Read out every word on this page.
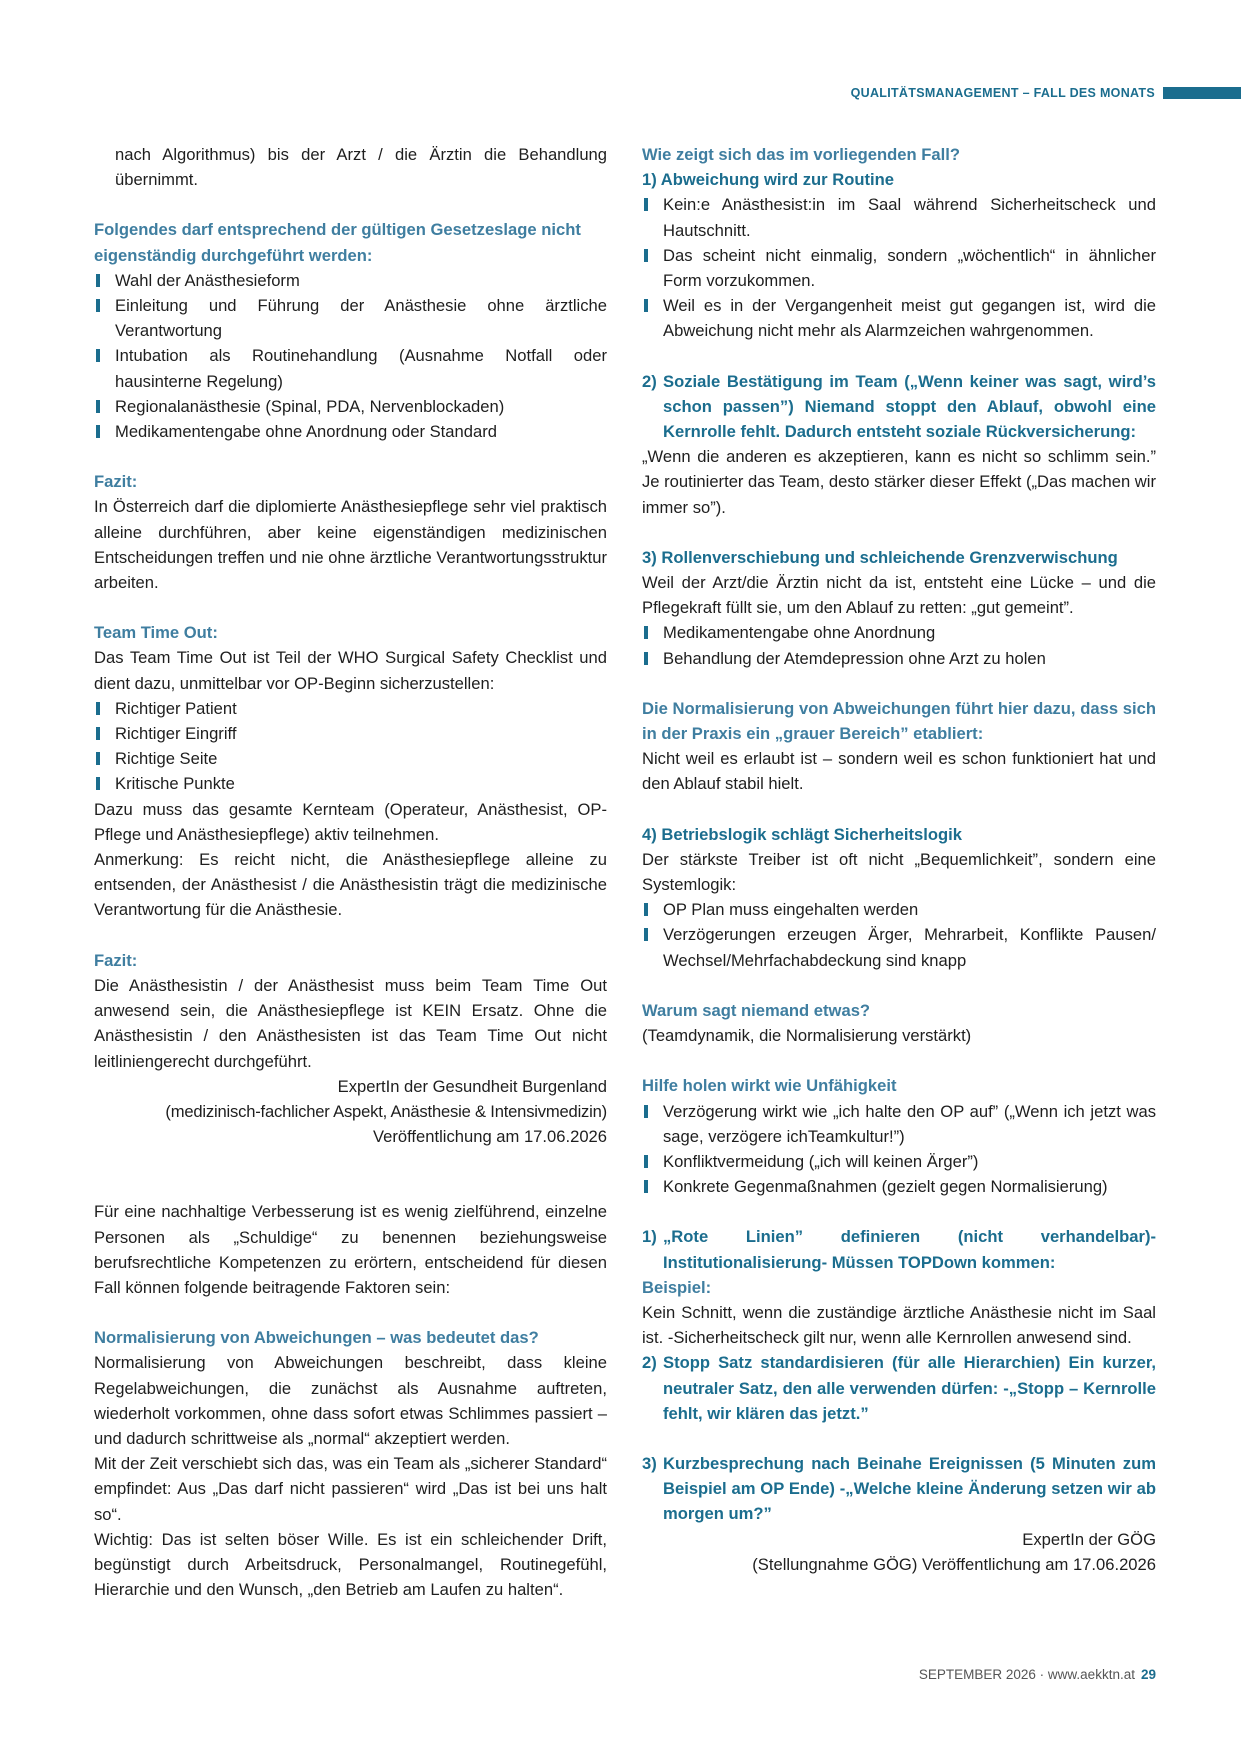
QUALITÄTSMANAGEMENT – FALL DES MONATS

nach Algorithmus) bis der Arzt / die Ärztin die Behandlung übernimmt.

Folgendes darf entsprechend der gültigen Gesetzeslage nicht eigenständig durchgeführt werden:

Wahl der Anästhesieform
Einleitung und Führung der Anästhesie ohne ärztliche Verantwortung
Intubation als Routinehandlung (Ausnahme Notfall oder hausinterne Regelung)
Regionalanästhesie (Spinal, PDA, Nervenblockaden)
Medikamentengabe ohne Anordnung oder Standard

Fazit:

In Österreich darf die diplomierte Anästhesiepflege sehr viel praktisch alleine durchführen, aber keine eigenständigen medizinischen Entscheidungen treffen und nie ohne ärztliche Verantwortungsstruktur arbeiten.

Team Time Out:

Das Team Time Out ist Teil der WHO Surgical Safety Checklist und dient dazu, unmittelbar vor OP-Beginn sicherzustellen:

Richtiger Patient
Richtiger Eingriff
Richtige Seite
Kritische Punkte

Dazu muss das gesamte Kernteam (Operateur, Anästhesist, OP-Pflege und Anästhesiepflege) aktiv teilnehmen.

Anmerkung: Es reicht nicht, die Anästhesiepflege alleine zu entsenden, der Anästhesist / die Anästhesistin trägt die medizinische Verantwortung für die Anästhesie.

Fazit:

Die Anästhesistin / der Anästhesist muss beim Team Time Out anwesend sein, die Anästhesiepflege ist KEIN Ersatz. Ohne die Anästhesistin / den Anästhesisten ist das Team Time Out nicht leitliniengerecht durchgeführt.

ExpertIn der Gesundheit Burgenland

(medizinisch-fachlicher Aspekt, Anästhesie & Intensivmedizin)

Veröffentlichung am 17.06.2026

Für eine nachhaltige Verbesserung ist es wenig zielführend, einzelne Personen als „Schuldige“ zu benennen beziehungsweise berufsrechtliche Kompetenzen zu erörtern, entscheidend für diesen Fall können folgende beitragende Faktoren sein:

Normalisierung von Abweichungen – was bedeutet das?

Normalisierung von Abweichungen beschreibt, dass kleine Regelabweichungen, die zunächst als Ausnahme auftreten, wiederholt vorkommen, ohne dass sofort etwas Schlimmes passiert – und dadurch schrittweise als „normal“ akzeptiert werden.

Mit der Zeit verschiebt sich das, was ein Team als „sicherer Standard“ empfindet: Aus „Das darf nicht passieren“ wird „Das ist bei uns halt so“.

Wichtig: Das ist selten böser Wille. Es ist ein schleichender Drift, begünstigt durch Arbeitsdruck, Personalmangel, Routinegefühl, Hierarchie und den Wunsch, „den Betrieb am Laufen zu halten“.

Wie zeigt sich das im vorliegenden Fall?

1) Abweichung wird zur Routine

Kein:e Anästhesist:in im Saal während Sicherheitscheck und Hautschnitt.
Das scheint nicht einmalig, sondern „wöchentlich“ in ähnlicher Form vorzukommen.
Weil es in der Vergangenheit meist gut gegangen ist, wird die Abweichung nicht mehr als Alarmzeichen wahrgenommen.
2) Soziale Bestätigung im Team („Wenn keiner was sagt, wird’s schon passen”) Niemand stoppt den Ablauf, obwohl eine Kernrolle fehlt. Dadurch entsteht soziale Rückversicherung:

„Wenn die anderen es akzeptieren, kann es nicht so schlimm sein.” Je routinierter das Team, desto stärker dieser Effekt („Das machen wir immer so”).

3) Rollenverschiebung und schleichende Grenzverwischung

Weil der Arzt/die Ärztin nicht da ist, entsteht eine Lücke – und die Pflegekraft füllt sie, um den Ablauf zu retten: „gut gemeint”.

Medikamentengabe ohne Anordnung
Behandlung der Atemdepression ohne Arzt zu holen

Die Normalisierung von Abweichungen führt hier dazu, dass sich in der Praxis ein „grauer Bereich” etabliert:

Nicht weil es erlaubt ist – sondern weil es schon funktioniert hat und den Ablauf stabil hielt.

4) Betriebslogik schlägt Sicherheitslogik

Der stärkste Treiber ist oft nicht „Bequemlichkeit”, sondern eine Systemlogik:

OP Plan muss eingehalten werden
Verzögerungen erzeugen Ärger, Mehrarbeit, Konflikte Pausen/ Wechsel/Mehrfachabdeckung sind knapp

Warum sagt niemand etwas?

(Teamdynamik, die Normalisierung verstärkt)

Hilfe holen wirkt wie Unfähigkeit

Verzögerung wirkt wie „ich halte den OP auf” („Wenn ich jetzt was sage, verzögere ichTeamkultur!”)
Konfliktvermeidung („ich will keinen Ärger”)
Konkrete Gegenmaßnahmen (gezielt gegen Normalisierung)
1) „Rote Linien” definieren (nicht verhandelbar)- Institutionalisierung- Müssen TOPDown kommen:

Beispiel:

Kein Schnitt, wenn die zuständige ärztliche Anästhesie nicht im Saal ist. -Sicherheitscheck gilt nur, wenn alle Kernrollen anwesend sind.

2) Stopp Satz standardisieren (für alle Hierarchien) Ein kurzer, neutraler Satz, den alle verwenden dürfen: -„Stopp – Kernrolle fehlt, wir klären das jetzt.”
3) Kurzbesprechung nach Beinahe Ereignissen (5 Minuten zum Beispiel am OP Ende) -„Welche kleine Änderung setzen wir ab morgen um?”

ExpertIn der GÖG

(Stellungnahme GÖG) Veröffentlichung am 17.06.2026

SEPTEMBER 2026 · www.aekktn.at 29
